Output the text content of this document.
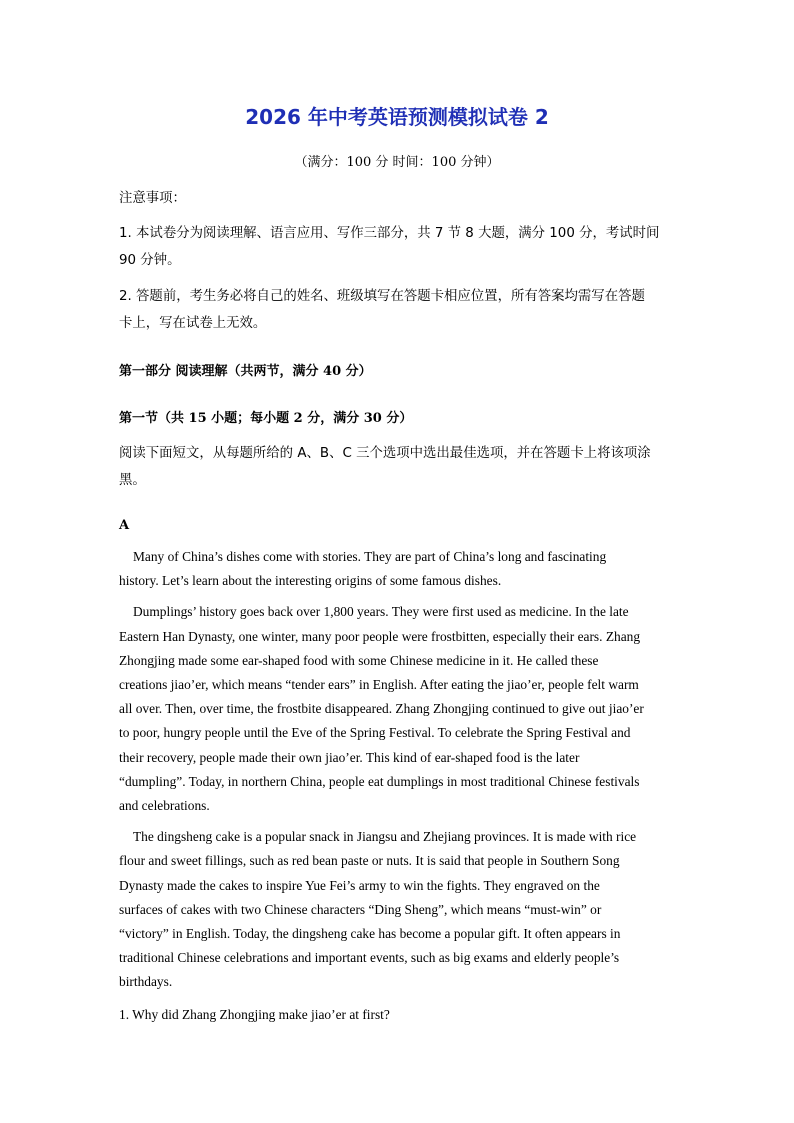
2026 年中考英语预测模拟试卷 2
（满分：100 分 时间：100 分钟）
注意事项：
1. 本试卷分为阅读理解、语言应用、写作三部分，共 7 节 8 大题，满分 100 分，考试时间
90 分钟。
2. 答题前，考生务必将自己的姓名、班级填写在答题卡相应位置，所有答案均需写在答题
卡上，写在试卷上无效。
第一部分 阅读理解（共两节，满分 40 分）
第一节（共 15 小题；每小题 2 分，满分 30 分）
阅读下面短文，从每题所给的 A、B、C 三个选项中选出最佳选项，并在答题卡上将该项涂
黑。
A

Many of China’s dishes come with stories. They are part of China’s long and fascinating
history. Let’s learn about the interesting origins of some famous dishes.

Dumplings’ history goes back over 1,800 years. They were first used as medicine. In the late
Eastern Han Dynasty, one winter, many poor people were frostbitten, especially their ears. Zhang
Zhongjing made some ear-shaped food with some Chinese medicine in it. He called these
creations jiao’er, which means “tender ears” in English. After eating the jiao’er, people felt warm
all over. Then, over time, the frostbite disappeared. Zhang Zhongjing continued to give out jiao’er
to poor, hungry people until the Eve of the Spring Festival. To celebrate the Spring Festival and
their recovery, people made their own jiao’er. This kind of ear-shaped food is the later
“dumpling”. Today, in northern China, people eat dumplings in most traditional Chinese festivals
and celebrations.

The dingsheng cake is a popular snack in Jiangsu and Zhejiang provinces. It is made with rice
flour and sweet fillings, such as red bean paste or nuts. It is said that people in Southern Song
Dynasty made the cakes to inspire Yue Fei’s army to win the fights. They engraved on the
surfaces of cakes with two Chinese characters “Ding Sheng”, which means “must-win” or
“victory” in English. Today, the dingsheng cake has become a popular gift. It often appears in
traditional Chinese celebrations and important events, such as big exams and elderly people’s
birthdays.

1. Why did Zhang Zhongjing make jiao’er at first?
